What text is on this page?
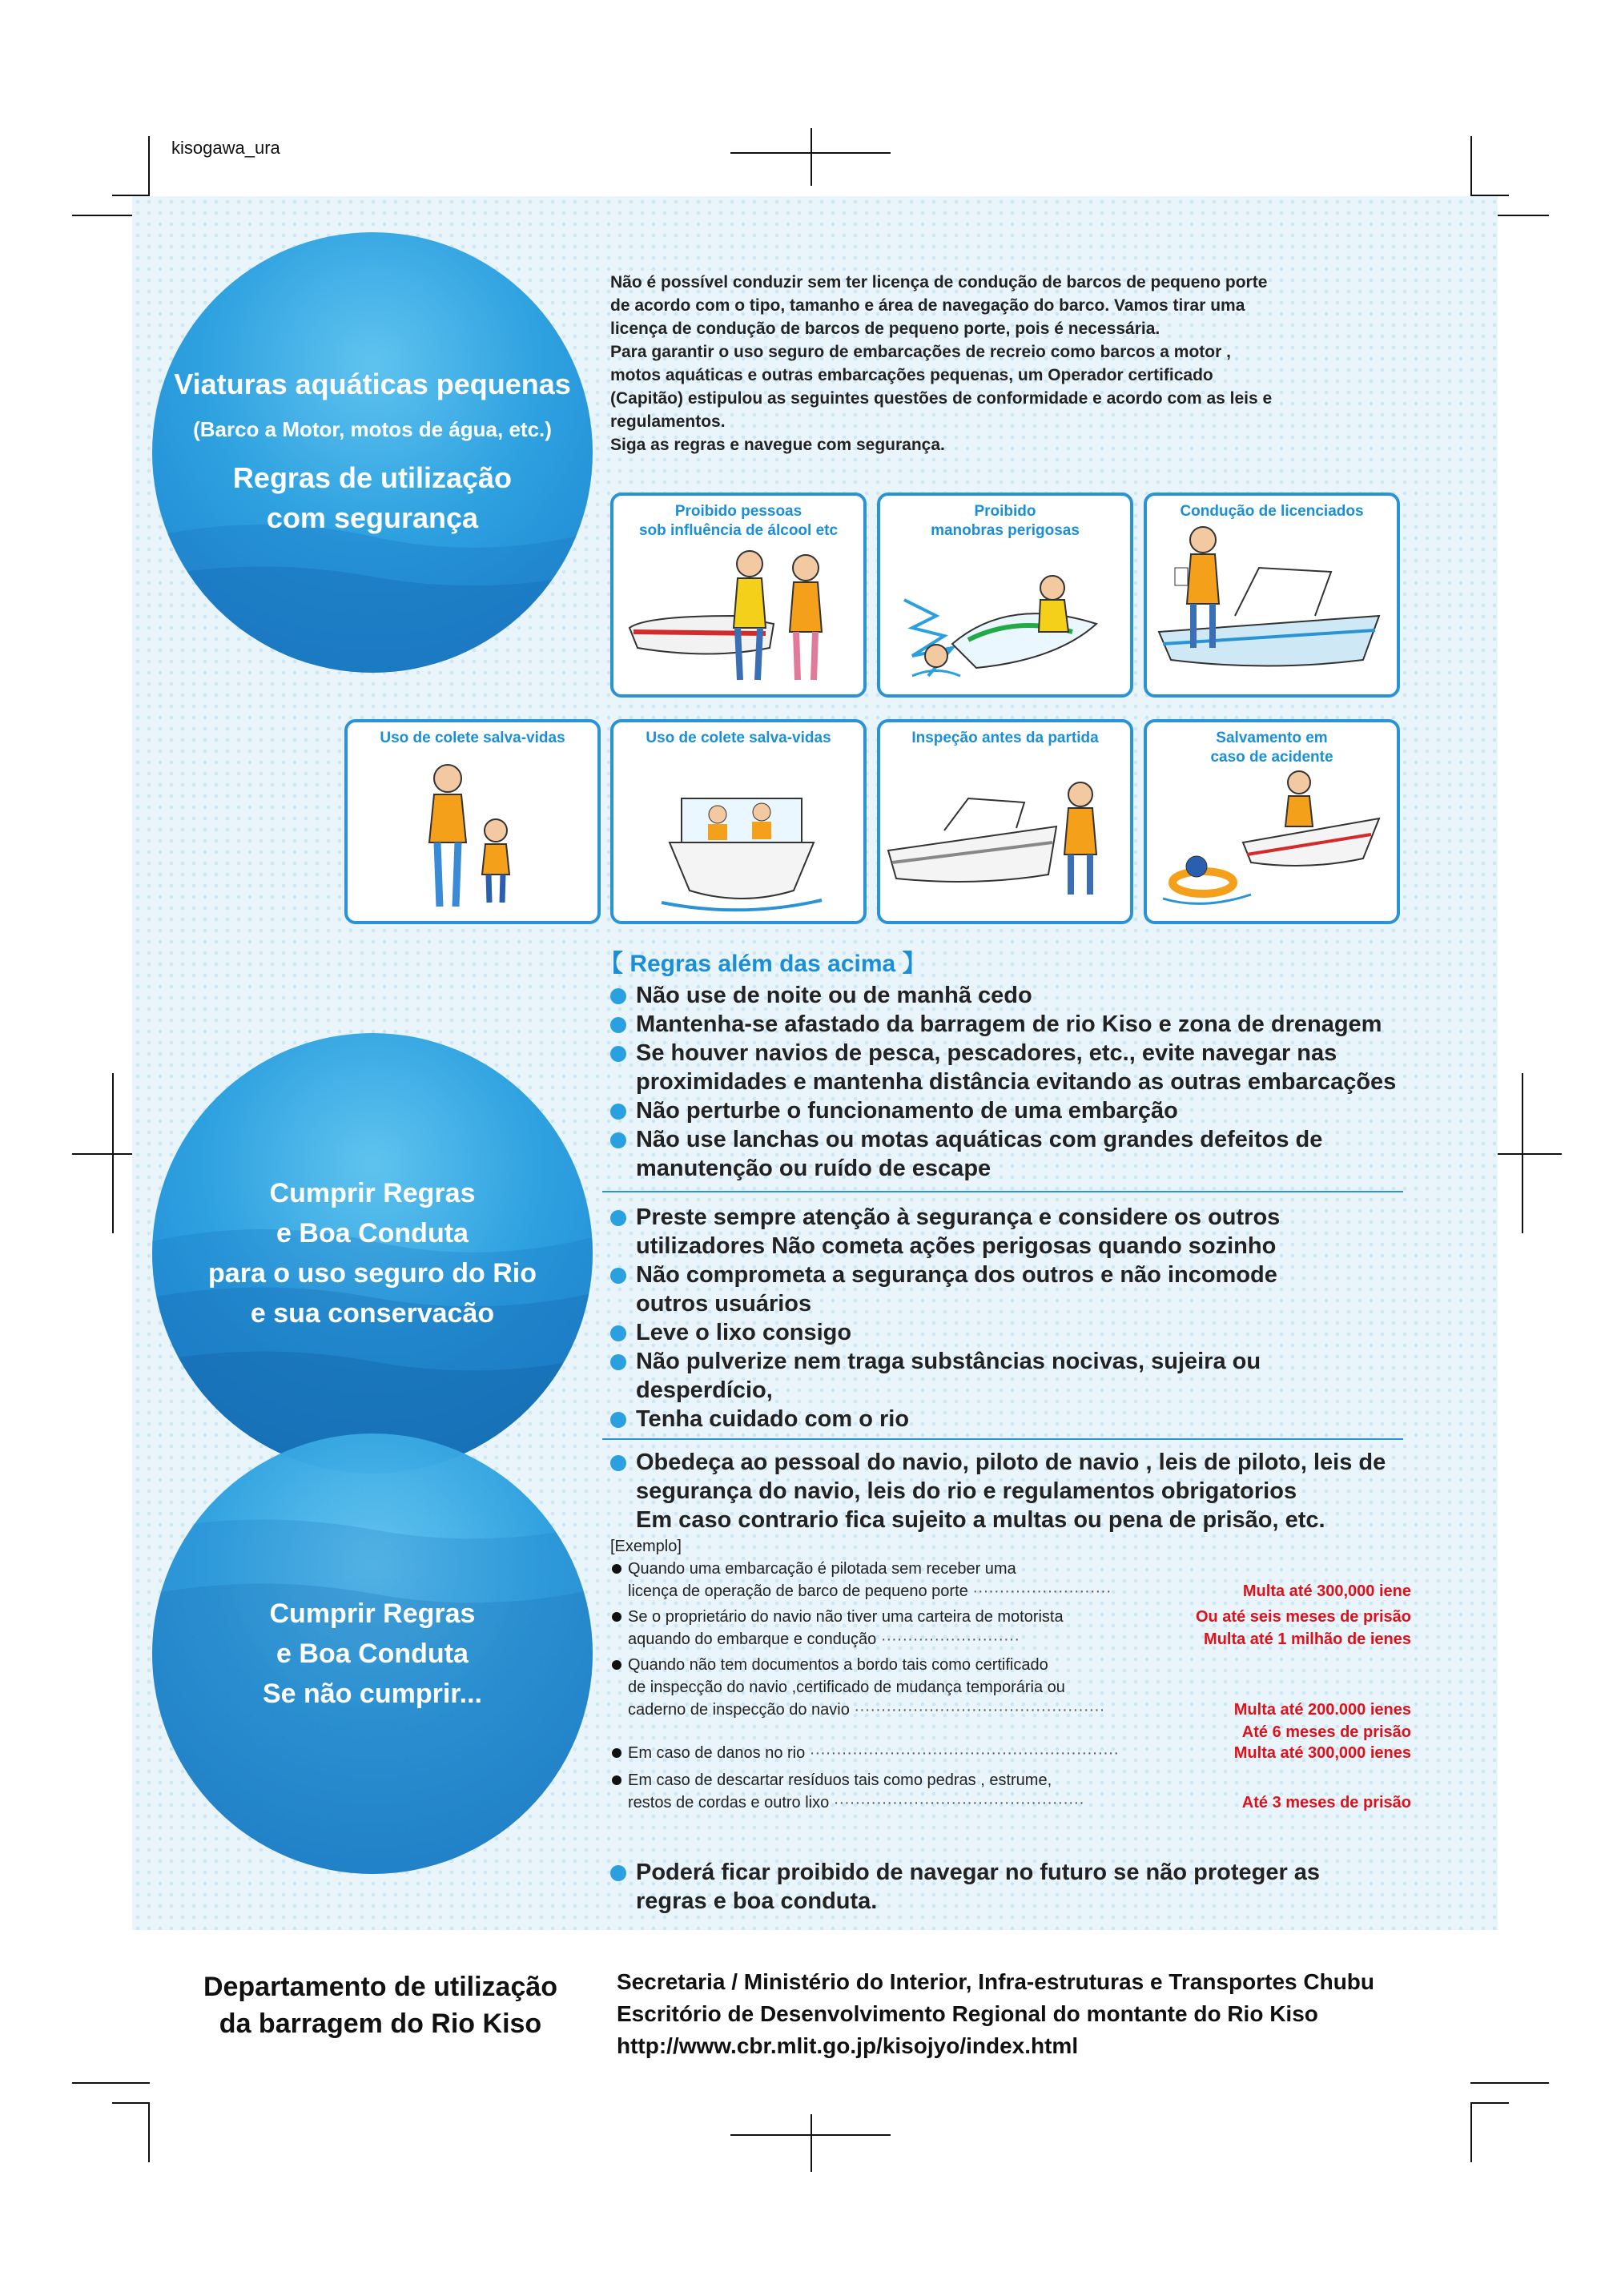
kisogawa_ura
Viaturas aquáticas pequenas
(Barco a Motor, motos de água, etc.)
Regras de utilização
com segurança
Não é possível conduzir sem ter licença de condução de barcos de pequeno porte
de acordo com o tipo, tamanho e área de navegação do barco. Vamos tirar uma
licença de condução de barcos de pequeno porte, pois é necessária.
Para garantir o uso seguro de embarcações de recreio como barcos a motor ,
motos aquáticas e outras embarcações pequenas, um Operador certificado
(Capitão) estipulou as seguintes questões de conformidade e acordo com as leis e
regulamentos.
Siga as regras e navegue com segurança.
Proibido pessoas
sob influência de álcool etc
Proibido
manobras perigosas
Condução de licenciados
Uso de colete salva-vidas	Uso de colete salva-vidas	Inspeção antes da partida	Salvamento em
caso de acidente
【 Regras além das acima 】
Não use de noite ou de manhã cedo
Mantenha-se afastado da barragem de rio Kiso e zona de drenagem
Se houver navios de pesca, pescadores, etc., evite navegar nas
proximidades e mantenha distância evitando as outras embarcações
Não perturbe o funcionamento de uma embarção
Não use lanchas ou motas aquáticas com grandes defeitos de
manutenção ou ruído de escape
Preste sempre atenção à segurança e considere os outros
utilizadores Não cometa ações perigosas quando sozinho
Não comprometa a segurança dos outros e não incomode
outros usuários
Leve o lixo consigo
Não pulverize nem traga substâncias nocivas, sujeira ou
desperdício,
Tenha cuidado com o rio
Obedeça ao pessoal do navio, piloto de navio , leis de piloto, leis de
segurança do navio, leis do rio e regulamentos obrigatorios
Em caso contrario fica sujeito a multas ou pena de prisão, etc.
Cumprir Regras
e Boa Conduta
para o uso seguro do Rio
e sua conservacão
Cumprir Regras
e Boa Conduta
Se não cumprir...
[Exemplo]
Quando uma embarcação é pilotada sem receber uma
licença de operação de barco de pequeno porte ··························	Multa até 300,000 iene
Se o proprietário do navio não tiver uma carteira de motorista	Ou até seis meses de prisão
aquando do embarque e condução ··························	Multa até 1 milhão de ienes
Quando não tem documentos a bordo tais como certificado
de inspecção do navio ,certificado de mudança temporária ou
caderno de inspecção do navio ···············································	Multa até 200.000 ienes
Até 6 meses de prisão
Em caso de danos no rio ··························································	Multa até 300,000 ienes
Em caso de descartar resíduos tais como pedras , estrume,
restos de cordas e outro lixo ···············································	Até 3 meses de prisão
Poderá ficar proibido de navegar no futuro se não proteger as
regras e boa conduta.
Departamento de utilização
da barragem do Rio Kiso
Secretaria / Ministério do Interior, Infra-estruturas e Transportes Chubu
Escritório de Desenvolvimento Regional do montante do Rio Kiso
http://www.cbr.mlit.go.jp/kisojyo/index.html
